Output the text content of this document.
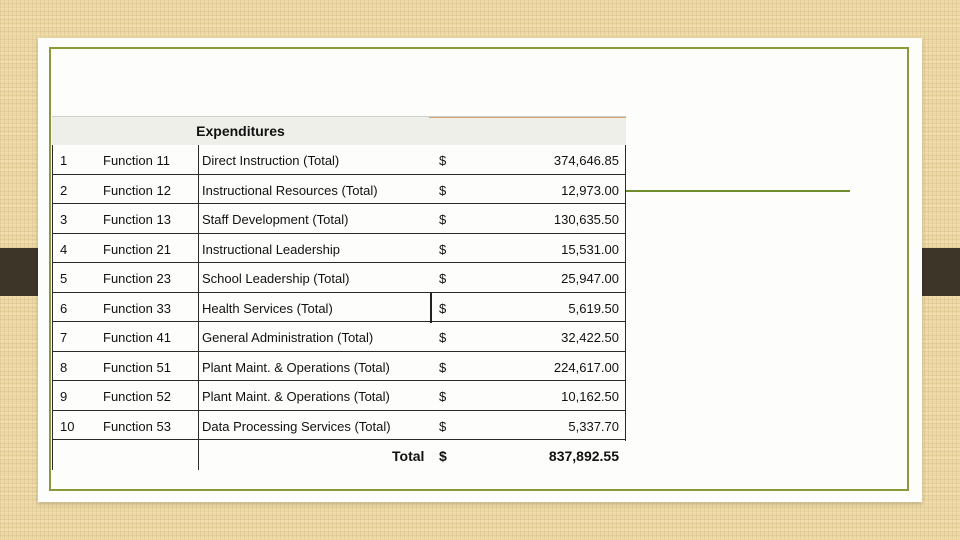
Expenditures
1	Function 11 Direct Instruction (Total)	$	374,646.85
2	Function 12 Instructional Resources (Total)	$	12,973.00
3	Function 13 Staff Development (Total)	$	130,635.50
4	Function 21 Instructional Leadership	$	15,531.00
5	Function 23 School Leadership (Total)	$	25,947.00
6	Function 33 Health Services (Total)	$	5,619.50
7	Function 41 General Administration (Total)	$	32,422.50
8	Function 51 Plant Maint. & Operations (Total)	$	224,617.00
9	Function 52 Plant Maint. & Operations (Total)	$	10,162.50
10 Function 53 Data Processing Services (Total)	$	5,337.70
Total $	837,892.55
